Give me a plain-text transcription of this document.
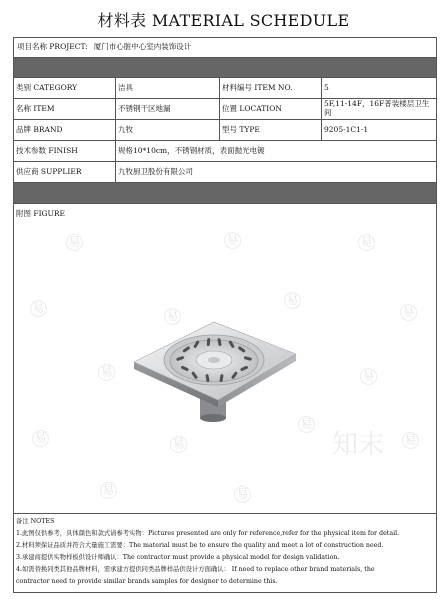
材料表 MATERIAL SCHEDULE
项目名称 PROJECT: 厦门市心脏中心室内装饰设计
类别 CATEGORY	洁具	材料编号 ITEM NO.	5
名称 ITEM	不锈钢干区地漏	位置 LOCATION	5F,11-14F，16F普装楼层卫生间
品牌 BRAND	九牧	型号 TYPE	9205-1C1-1
技术参数 FINISH	规格10*10cm，不锈钢材质，表面抛光电镀
供应商 SUPPLIER	九牧厨卫股份有限公司
附图 FIGURE
易	易	易
易
易
易
易
易	易
易	易
易
易
易	易
知末
备注 NOTES
1.此图仅供参考，具体颜色和款式请参考实物：Pictures presented are only for reference,refer for the physical item for detail.
2.材料须保证品质并符合大量施工需要：The material must be to ensure the quality and meet a lot of construction need.
3.承建商提供实物样板供设计师确认：The contractor must provide a physical model for design validation.
4.如需替换同类其他品牌材料，需承建方提供同类品牌样品供设计方面确认： If need to replace other brand materials, the
contractor need to provide similar brands samples for designer to determine this.
